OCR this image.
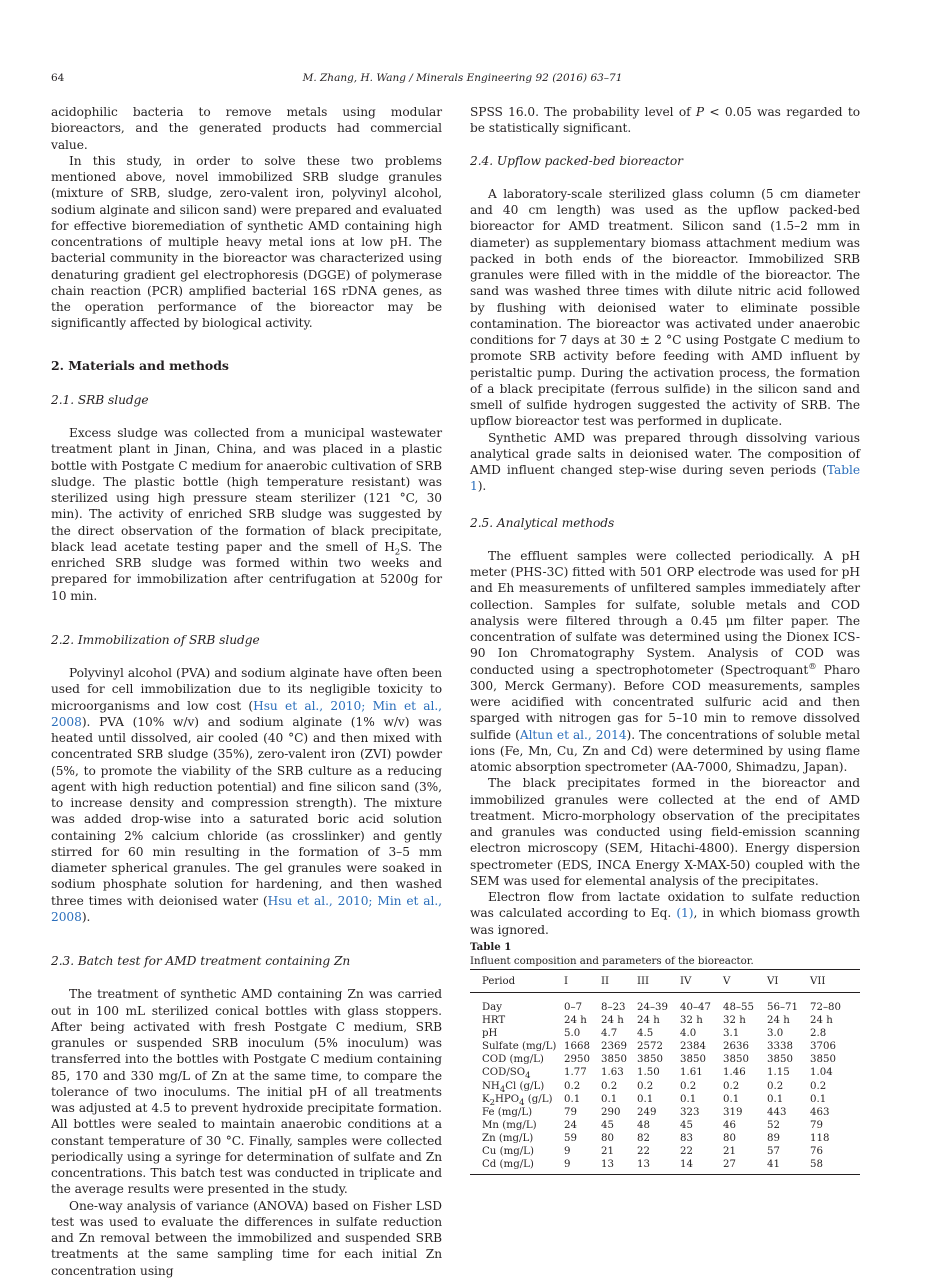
64	M. Zhang, H. Wang / Minerals Engineering 92 (2016) 63–71

acidophilic bacteria to remove metals using modular bioreactors, and the generated products had commercial value.

In this study, in order to solve these two problems mentioned above, novel immobilized SRB sludge granules (mixture of SRB, sludge, zero-valent iron, polyvinyl alcohol, sodium alginate and silicon sand) were prepared and evaluated for effective bioremediation of synthetic AMD containing high concentrations of multiple heavy metal ions at low pH. The bacterial community in the bioreactor was characterized using denaturing gradient gel electrophoresis (DGGE) of polymerase chain reaction (PCR) amplified bacterial 16S rDNA genes, as the operation performance of the bioreactor may be significantly affected by biological activity.

2. Materials and methods
2.1. SRB sludge

Excess sludge was collected from a municipal wastewater treatment plant in Jinan, China, and was placed in a plastic bottle with Postgate C medium for anaerobic cultivation of SRB sludge. The plastic bottle (high temperature resistant) was sterilized using high pressure steam sterilizer (121 °C, 30 min). The activity of enriched SRB sludge was suggested by the direct observation of the formation of black precipitate, black lead acetate testing paper and the smell of $H_2S$. The enriched SRB sludge was formed within two weeks and prepared for immobilization after centrifugation at 5200g for 10 min.

2.2. Immobilization of SRB sludge

Polyvinyl alcohol (PVA) and sodium alginate have often been used for cell immobilization due to its negligible toxicity to microorganisms and low cost (Hsu et al., 2010; Min et al., 2008). PVA (10% w/v) and sodium alginate (1% w/v) was heated until dissolved, air cooled (40 °C) and then mixed with concentrated SRB sludge (35%), zero-valent iron (ZVI) powder (5%, to promote the viability of the SRB culture as a reducing agent with high reduction potential) and fine silicon sand (3%, to increase density and compression strength). The mixture was added drop-wise into a saturated boric acid solution containing 2% calcium chloride (as crosslinker) and gently stirred for 60 min resulting in the formation of 3–5 mm diameter spherical granules. The gel granules were soaked in sodium phosphate solution for hardening, and then washed three times with deionised water (Hsu et al., 2010; Min et al., 2008).

2.3. Batch test for AMD treatment containing Zn

The treatment of synthetic AMD containing Zn was carried out in 100 mL sterilized conical bottles with glass stoppers. After being activated with fresh Postgate C medium, SRB granules or suspended SRB inoculum (5% inoculum) was transferred into the bottles with Postgate C medium containing 85, 170 and 330 mg/L of Zn at the same time, to compare the tolerance of two inoculums. The initial pH of all treatments was adjusted at 4.5 to prevent hydroxide precipitate formation. All bottles were sealed to maintain anaerobic conditions at a constant temperature of 30 °C. Finally, samples were collected periodically using a syringe for determination of sulfate and Zn concentrations. This batch test was conducted in triplicate and the average results were presented in the study.

One-way analysis of variance (ANOVA) based on Fisher LSD test was used to evaluate the differences in sulfate reduction and Zn removal between the immobilized and suspended SRB treatments at the same sampling time for each initial Zn concentration using

SPSS 16.0. The probability level of P < 0.05 was regarded to be statistically significant.

2.4. Upflow packed-bed bioreactor

A laboratory-scale sterilized glass column (5 cm diameter and 40 cm length) was used as the upflow packed-bed bioreactor for AMD treatment. Silicon sand (1.5–2 mm in diameter) as supplementary biomass attachment medium was packed in both ends of the bioreactor. Immobilized SRB granules were filled with in the middle of the bioreactor. The sand was washed three times with dilute nitric acid followed by flushing with deionised water to eliminate possible contamination. The bioreactor was activated under anaerobic conditions for 7 days at 30 ± 2 °C using Postgate C medium to promote SRB activity before feeding with AMD influent by peristaltic pump. During the activation process, the formation of a black precipitate (ferrous sulfide) in the silicon sand and smell of sulfide hydrogen suggested the activity of SRB. The upflow bioreactor test was performed in duplicate.

Synthetic AMD was prepared through dissolving various analytical grade salts in deionised water. The composition of AMD influent changed step-wise during seven periods (Table 1).

2.5. Analytical methods

The effluent samples were collected periodically. A pH meter (PHS-3C) fitted with 501 ORP electrode was used for pH and Eh measurements of unfiltered samples immediately after collection. Samples for sulfate, soluble metals and COD analysis were filtered through a 0.45 μm filter paper. The concentration of sulfate was determined using the Dionex ICS-90 Ion Chromatography System. Analysis of COD was conducted using a spectrophotometer (Spectroquant® Pharo 300, Merck Germany). Before COD measurements, samples were acidified with concentrated sulfuric acid and then sparged with nitrogen gas for 5–10 min to remove dissolved sulfide (Altun et al., 2014). The concentrations of soluble metal ions (Fe, Mn, Cu, Zn and Cd) were determined by using flame atomic absorption spectrometer (AA-7000, Shimadzu, Japan).

The black precipitates formed in the bioreactor and immobilized granules were collected at the end of AMD treatment. Micro-morphology observation of the precipitates and granules was conducted using field-emission scanning electron microscopy (SEM, Hitachi-4800). Energy dispersion spectrometer (EDS, INCA Energy X-MAX-50) coupled with the SEM was used for elemental analysis of the precipitates.

Electron flow from lactate oxidation to sulfate reduction was calculated according to Eq. (1), in which biomass growth was ignored.

Table 1
Influent composition and parameters of the bioreactor.
Period	I	II	III	IV	V	VI	VII
Day	0–7	8–23	24–39	40–47	48–55	56–71	72–80
HRT	24 h	24 h	24 h	32 h	32 h	24 h	24 h
pH	5.0	4.7	4.5	4.0	3.1	3.0	2.8
Sulfate (mg/L)	1668	2369	2572	2384	2636	3338	3706
COD (mg/L)	2950	3850	3850	3850	3850	3850	3850
COD/$SO_4$	1.77	1.63	1.50	1.61	1.46	1.15	1.04
$NH_4Cl$ (g/L)	0.2	0.2	0.2	0.2	0.2	0.2	0.2
$K_2HPO_4$ (g/L)	0.1	0.1	0.1	0.1	0.1	0.1	0.1
Fe (mg/L)	79	290	249	323	319	443	463
Mn (mg/L)	24	45	48	45	46	52	79
Zn (mg/L)	59	80	82	83	80	89	118
Cu (mg/L)	9	21	22	22	21	57	76
Cd (mg/L)	9	13	13	14	27	41	58
